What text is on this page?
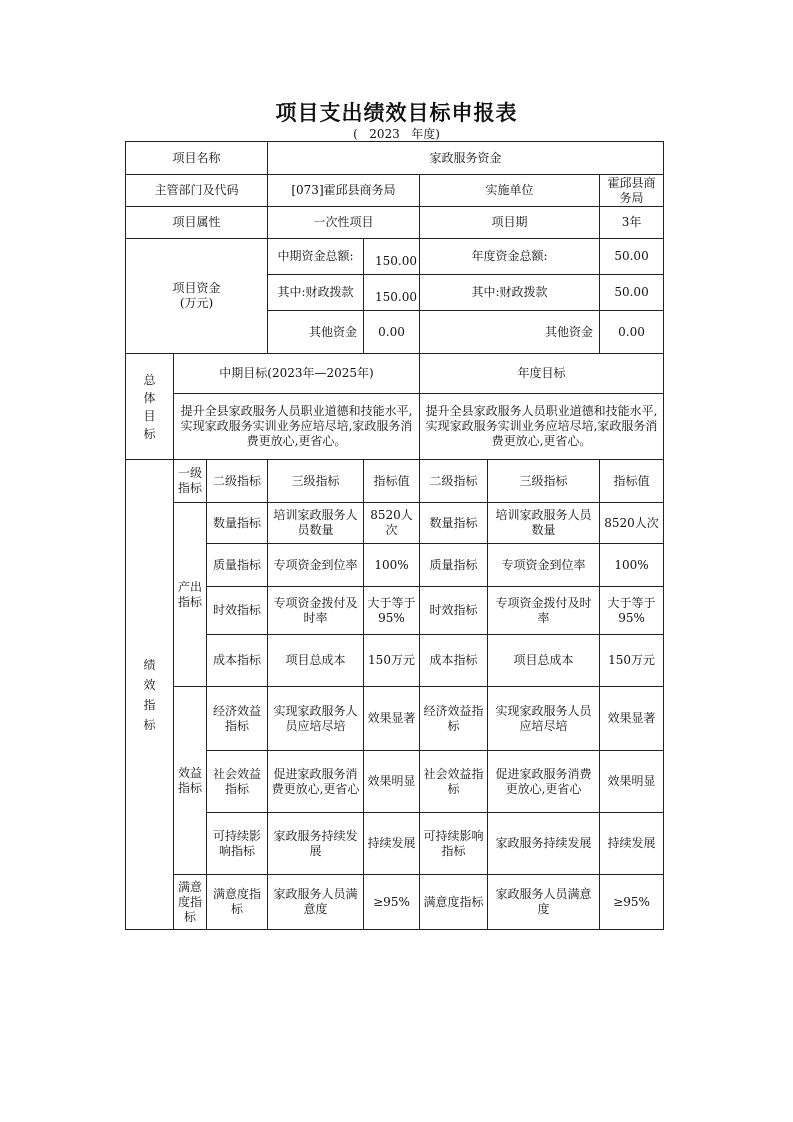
项目支出绩效目标申报表
(   2023   年度)
项目名称			家政服务资金				
主管部门及代码			[073]霍邱县商务局		实施单位		霍邱县商务局
项目属性			一次性项目		项目期		3年

项目资金
(万元)			中期资金总额:	150.00	年度资金总额:		50.00
			其中:财政拨款	150.00	其中:财政拨款		50.00
			其他资金	0.00	其他资金		0.00

总体目标	中期目标(2023年—2025年)				年度目标		
	提升全县家政服务人员职业道德和技能水平,实现家政服务实训业务应培尽培,家政服务消费更放心,更省心。				提升全县家政服务人员职业道德和技能水平,实现家政服务实训业务应培尽培,家政服务消费更放心,更省心。		

绩效指标	一级指标	二级指标	三级指标	指标值	二级指标	三级指标	指标值
	产出指标	数量指标	培训家政服务人员数量	8520人次	数量指标	培训家政服务人员数量	8520人次
		质量指标	专项资金到位率	100%	质量指标	专项资金到位率	100%
		时效指标	专项资金拨付及时率	大于等于95%	时效指标	专项资金拨付及时率	大于等于95%
		成本指标	项目总成本	150万元	成本指标	项目总成本	150万元
	效益指标	经济效益指标	实现家政服务人员应培尽培	效果显著	经济效益指标	实现家政服务人员应培尽培	效果显著
		社会效益指标	促进家政服务消费更放心,更省心	效果明显	社会效益指标	促进家政服务消费更放心,更省心	效果明显
		可持续影响指标	家政服务持续发展	持续发展	可持续影响指标	家政服务持续发展	持续发展
	满意度指标	满意度指标	家政服务人员满意度	≥95%	满意度指标	家政服务人员满意度	≥95%
